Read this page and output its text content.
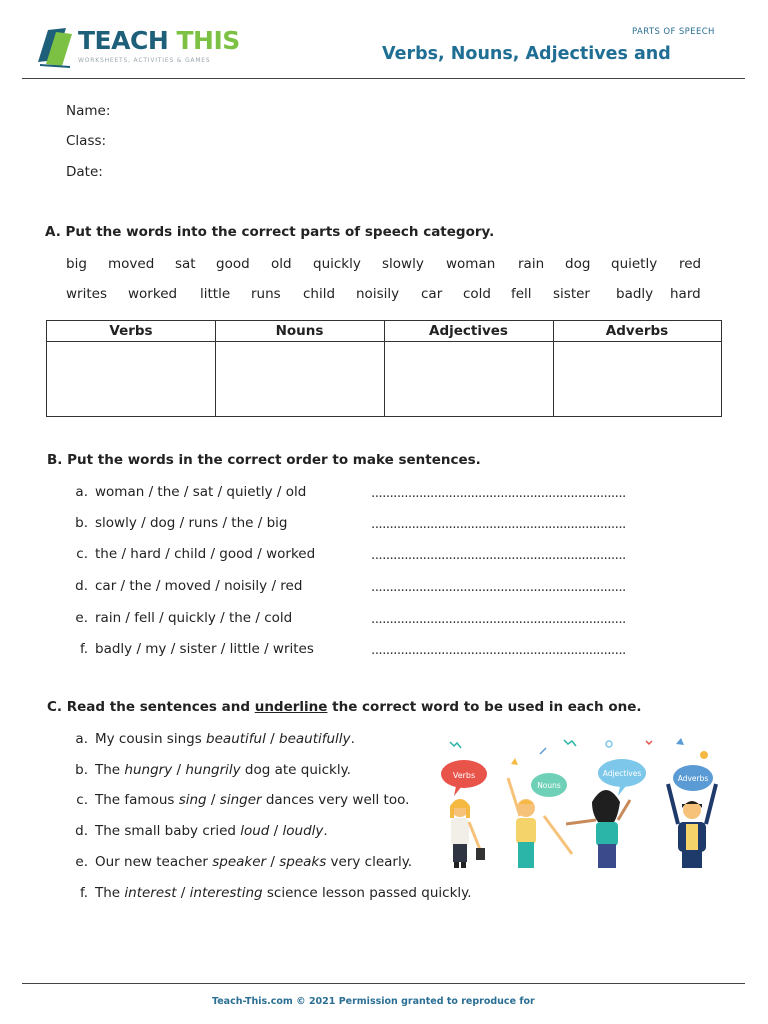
TEACH THIS
WORKSHEETS, ACTIVITIES & GAMES
PARTS OF SPEECH
Verbs, Nouns, Adjectives and
Name:
Class:
Date:
A. Put the words into the correct parts of speech category.
big moved sat good old quickly slowly woman rain dog quietly red
writes worked little runs child noisily car cold fell sister badly hard
Verbs	Nouns	Adjectives	Adverbs
B. Put the words in the correct order to make sentences.
a. woman / the / sat / quietly / old	.....................................................................
b. slowly / dog / runs / the / big	.....................................................................
c. the / hard / child / good / worked	.....................................................................
d. car / the / moved / noisily / red	.....................................................................
e. rain / fell / quickly / the / cold	.....................................................................
f. badly / my / sister / little / writes	.....................................................................
C. Read the sentences and underline the correct word to be used in each one.
a. My cousin sings beautiful / beautifully.
b. The hungry / hungrily dog ate quickly.
c. The famous sing / singer dances very well too.
d. The small baby cried loud / loudly.
e. Our new teacher speaker / speaks very clearly.
f. The interest / interesting science lesson passed quickly.
Verbs
Nouns
Adjectives
Adverbs
Teach-This.com © 2021 Permission granted to reproduce for
